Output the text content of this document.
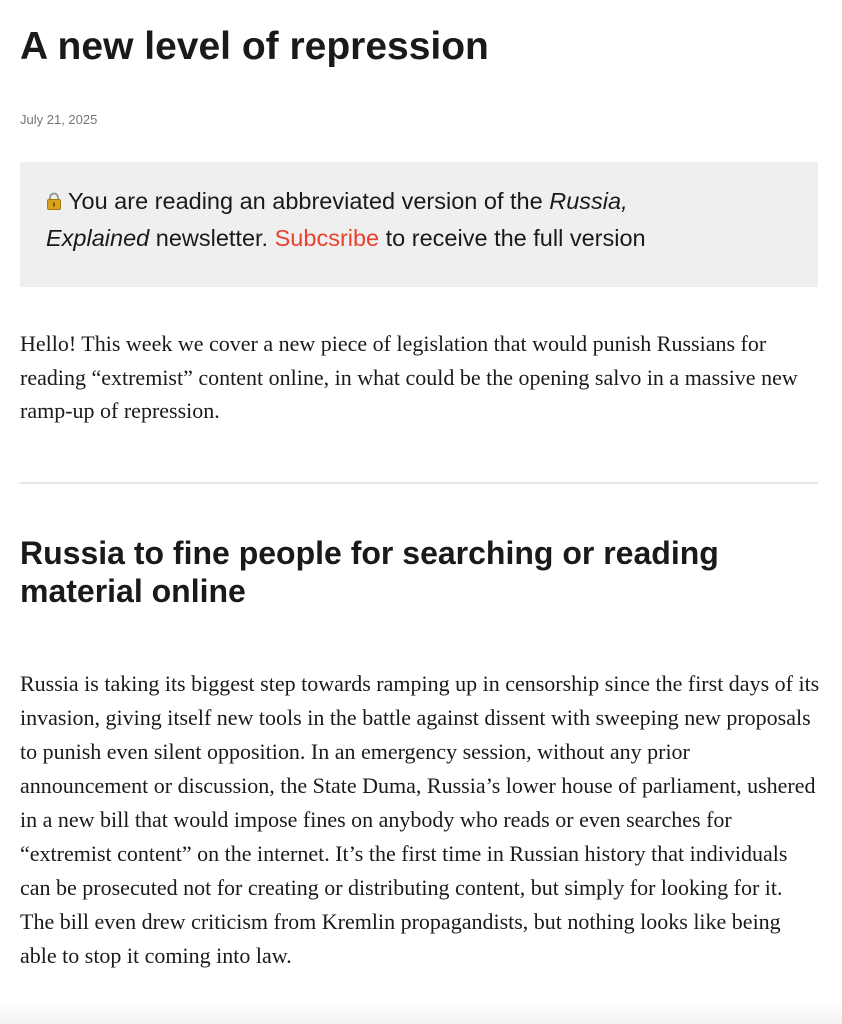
A new level of repression
July 21, 2025
You are reading an abbreviated version of the Russia,
Explained newsletter. Subcsribe to receive the full version

Hello! This week we cover a new piece of legislation that would punish Russians for reading “extremist” content online, in what could be the opening salvo in a massive new ramp-up of repression.

Russia to fine people for searching or reading material online

Russia is taking its biggest step towards ramping up in censorship since the first days of its invasion, giving itself new tools in the battle against dissent with sweeping new proposals to punish even silent opposition. In an emergency session, without any prior announcement or discussion, the State Duma, Russia’s lower house of parliament, ushered in a new bill that would impose fines on anybody who reads or even searches for “extremist content” on the internet. It’s the first time in Russian history that individuals can be prosecuted not for creating or distributing content, but simply for looking for it. The bill even drew criticism from Kremlin propagandists, but nothing looks like being able to stop it coming into law.
